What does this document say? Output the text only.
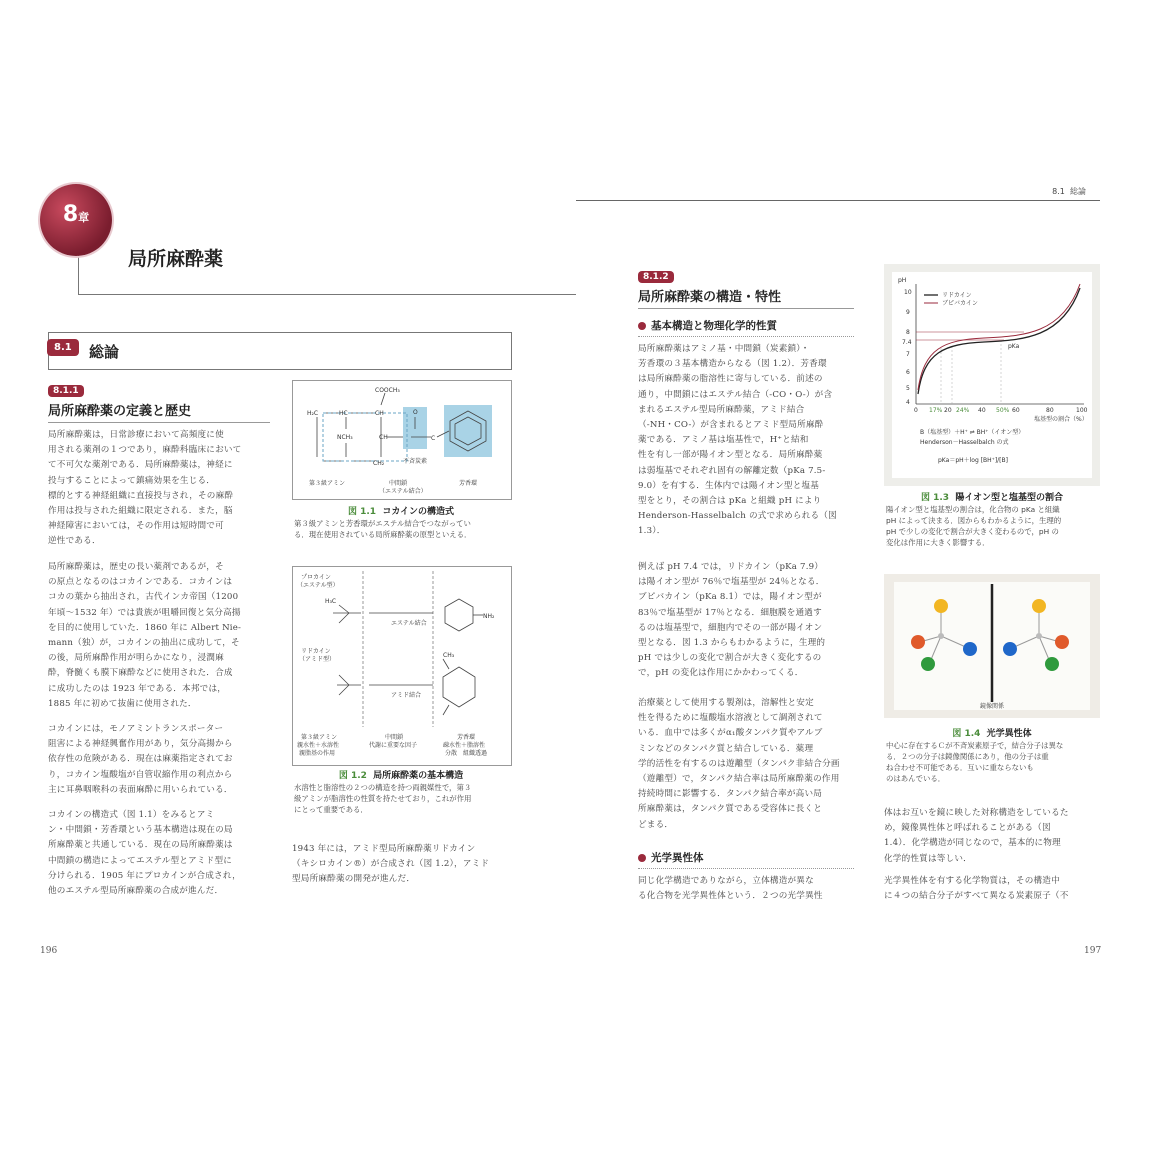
8.1 総論
8章
局所麻酔薬
8.1	総論
8.1.1
局所麻酔薬の定義と歴史
局所麻酔薬は，日常診療において高頻度に使
用される薬剤の１つであり，麻酔科臨床において
て不可欠な薬剤である．局所麻酔薬は，神経に
投与することによって鎮痛効果を生じる．
標的とする神経組織に直接投与され，その麻酔
作用は投与された組織に限定される．また，脳
神経障害においては，その作用は短時間で可
逆性である．
局所麻酔薬は，歴史の長い薬剤であるが，そ
の原点となるのはコカインである．コカインは
コカの葉から抽出され，古代インカ帝国（1200
年頃～1532 年）では貴族が咀嚼回復と気分高揚
を目的に使用していた．1860 年に Albert Nie-
mann（独）が，コカインの抽出に成功して，そ
の後，局所麻酔作用が明らかになり，浸潤麻
酔，脊髄くも膜下麻酔などに使用された．合成
に成功したのは 1923 年である．本邦では，
1885 年に初めて抜歯に使用された．
コカインには，モノアミントランスポーター
阻害による神経興奮作用があり，気分高揚から
依存性の危険がある．現在は麻薬指定されてお
り，コカイン塩酸塩が自管収縮作用の利点から
主に耳鼻咽喉科の表面麻酔に用いられている．
コカインの構造式（図 1.1）をみるとアミ
ン・中間鎖・芳香環という基本構造は現在の局
所麻酔薬と共通している．現在の局所麻酔薬は
中間鎖の構造によってエステル型とアミド型に
分けられる．1905 年にプロカインが合成され，
他のエステル型局所麻酔薬の合成が進んだ．
COOCH₃
H₂C	HC	CH
NCH₃
CH₂
CH
O
C
不斉炭素
第３級アミン	中間鎖
（エステル結合）
芳香環
図 1.1 コカインの構造式
第３級アミンと芳香環がエステル結合でつながってい
る．現在使用されている局所麻酔薬の原型といえる．
プロカイン
（エステル型）
リドカイン
（アミド型）
エステル結合
アミド結合
NH₂
H₃C
CH₃
第３級アミン
親水性＋水溶性
親脂基の作用
中間鎖
代謝に重要な因子
芳香環
疎水性＋脂溶性
分散　組織透過
図 1.2 局所麻酔薬の基本構造
水溶性と脂溶性の２つの構造を持つ両親媒性で，第３
級アミンが脂溶性の性質を持たせており，これが作用
にとって重要である．
1943 年には，アミド型局所麻酔薬リドカイン
（キシロカイン®）が合成され（図 1.2），アミド
型局所麻酔薬の開発が進んだ．
196
8.1.2
局所麻酔薬の構造・特性
基本構造と物理化学的性質
局所麻酔薬はアミノ基・中間鎖（炭素鎖）・
芳香環の３基本構造からなる（図 1.2）．芳香環
は局所麻酔薬の脂溶性に寄与している．前述の
通り，中間鎖にはエステル結合（-CO・O-）が含
まれるエステル型局所麻酔薬，アミド結合
（-NH・CO-）が含まれるとアミド型局所麻酔
薬である．アミノ基は塩基性で，H⁺と結和
性を有し一部が陽イオン型となる．局所麻酔薬
は弱塩基でそれぞれ固有の解離定数（pKa 7.5-
9.0）を有する．生体内では陽イオン型と塩基
型をとり，その割合は pKa と組織 pH により
Henderson-Hasselbalch の式で求められる（図
1.3）．
例えば pH 7.4 では，リドカイン（pKa 7.9）
は陽イオン型が 76％で塩基型が 24％となる．
ブピバカイン（pKa 8.1）では，陽イオン型が
83％で塩基型が 17％となる．細胞膜を通過す
るのは塩基型で，細胞内でその一部が陽イオン
型となる．図 1.3 からもわかるように，生理的
pH では少しの変化で割合が大きく変化するの
で，pH の変化は作用にかかわってくる．
治療薬として使用する製剤は，溶解性と安定
性を得るために塩酸塩水溶液として調剤されて
いる．血中では多くがα₁酸タンパク質やアルブ
ミンなどのタンパク質と結合している．薬理
学的活性を有するのは遊離型（タンパク非結合分画
（遊離型）で，タンパク結合率は局所麻酔薬の作用
持続時間に影響する．タンパク結合率が高い局
所麻酔薬は，タンパク質である受容体に長くと
どまる．
光学異性体
同じ化学構造でありながら，立体構造が異な
る化合物を光学異性体という．２つの光学異性
リドカイン
ブピバカイン
pH
10
9
8
7.4
7
6
5
4
0	20	40	60	80	100
17% 24%	50%
塩基型の割合（%）
pKa
B（塩基型）＋H⁺ ⇌ BH⁺（イオン型）
Henderson－Hasselbalch の式
pKa＝pH＋log [BH⁺]/[B]
図 1.3 陽イオン型と塩基型の割合
陽イオン型と塩基型の割合は，化合物の pKa と組織
pH によって決まる．図からもわかるように，生理的
pH で少しの変化で割合が大きく変わるので，pH の
変化は作用に大きく影響する．
鏡像関係
図 1.4 光学異性体
中心に存在するＣが不斉炭素原子で，結合分子は異な
る．２つの分子は鏡像関係にあり，他の分子は重
ね合わせ不可能である．互いに重ならないも
のはあんでいる．
体はお互いを鏡に映した対称構造をしているた
め，鏡像異性体と呼ばれることがある（図
1.4）．化学構造が同じなので，基本的に物理
化学的性質は等しい．
光学異性体を有する化学物質は，その構造中
に４つの結合分子がすべて異なる炭素原子（不
197
